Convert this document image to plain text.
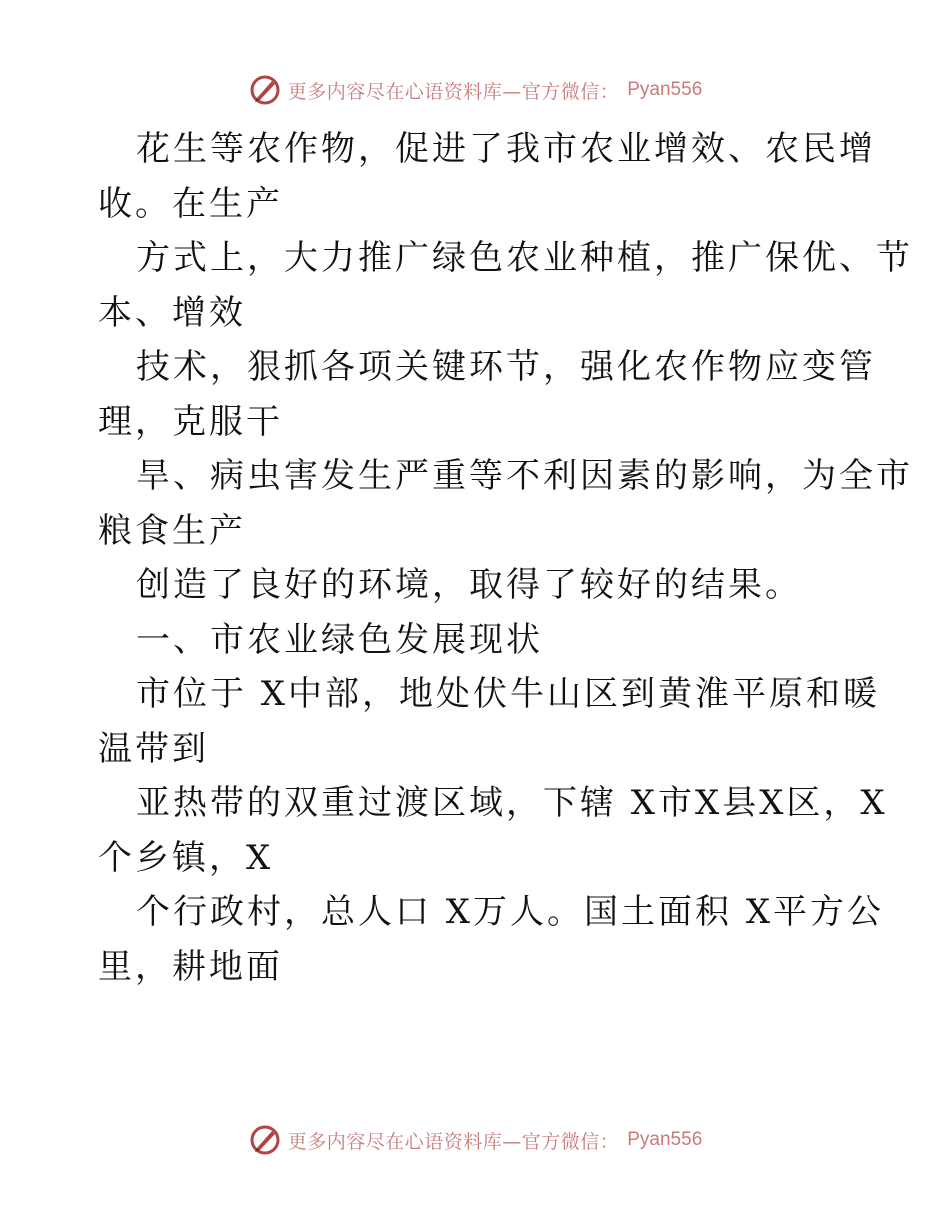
更多内容尽在心语资料库—官方微信： Pyan556

花生等农作物，促进了我市农业增效、农民增
收。在生产

方式上，大力推广绿色农业种植，推广保优、节
本、增效

技术，狠抓各项关键环节，强化农作物应变管
理，克服干

旱、病虫害发生严重等不利因素的影响，为全市
粮食生产

创造了良好的环境，取得了较好的结果。

一、市农业绿色发展现状

市位于 X中部，地处伏牛山区到黄淮平原和暖
温带到

亚热带的双重过渡区域，下辖 X市X县X区，X
个乡镇，X

个行政村，总人口 X万人。国土面积 X平方公
里，耕地面

更多内容尽在心语资料库—官方微信： Pyan556
